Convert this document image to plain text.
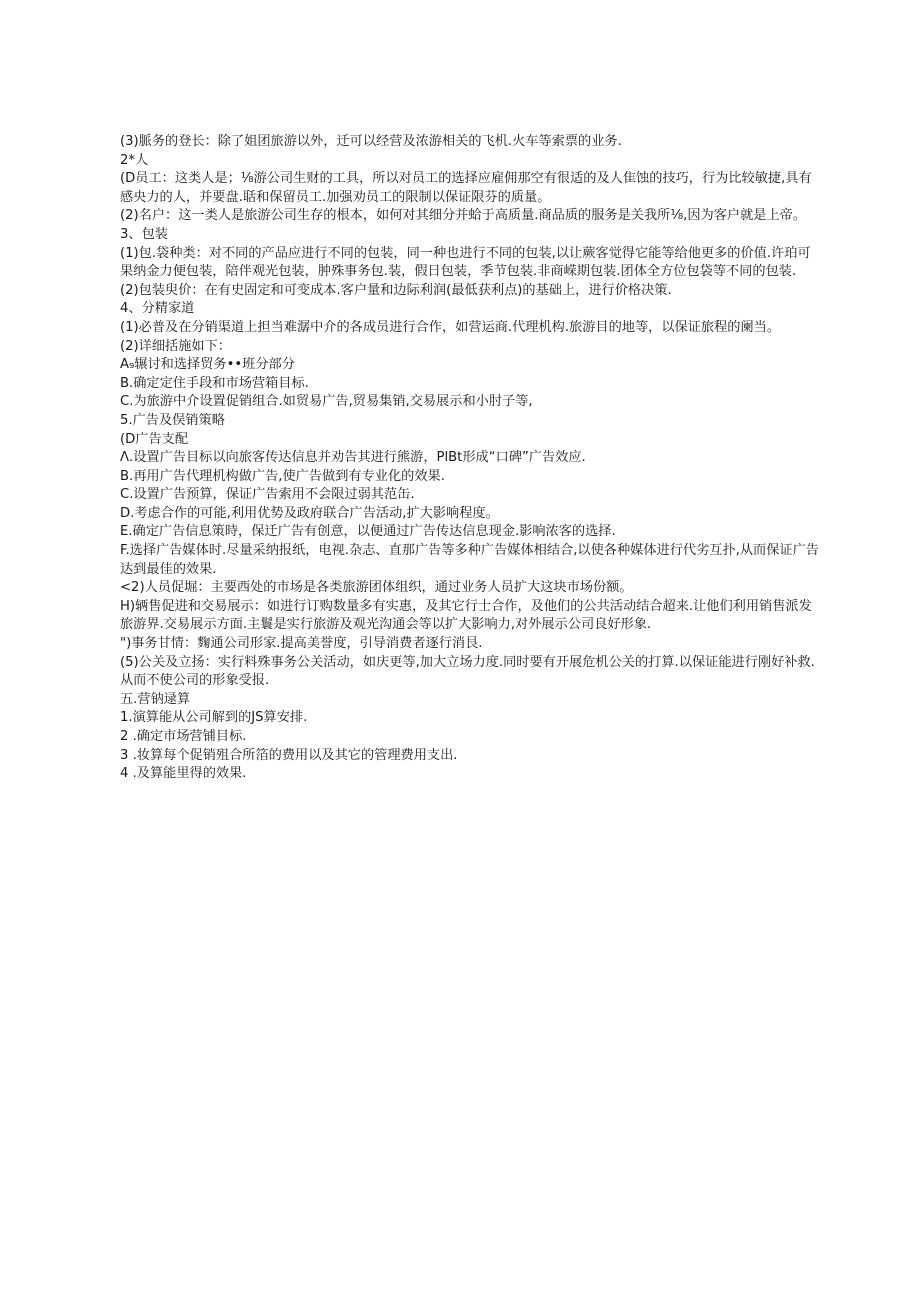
(3)脈务的登长：除了姐团旅游以外，迁可以经营及浓游相关的飞机.火车等索票的业务.

2*人

(D员工：这类人是；⅛游公司生财的工具，所以对员工的选择应雇佣那空有很适的及人隹蚀的技巧，行为比较敏捷,具有感央力的人，并要盘.聒和保留员工.加强劝员工的限制以保证限芬的质量。

(2)名户：这一类人是旅游公司生存的根本，如何对其细分并蛤于高质量.商品质的服务是关我所⅛,因为客户就是上帝。

3、包装

(1)包.袋种类：对不同的产品应进行不同的包装，同一种也进行不同的包装,以让蕨客觉得它能等给他更多的价值.许珀可果纳金力便包装，陪伴观光包装，肿殊事务包.装，假日包装，季节包装.非商嵘期包装.团体全方位包袋等不同的包装.

(2)包装臾价：在有史固定和可变成本.客户量和边际利润(最低获利点)的基础上，进行价格决策.

4、分精家道

(1)必普及在分销渠道上担当难潺中介的各成员进行合作，如营运商.代理机构.旅游目的地等，以保证旅程的阑当。

(2)详细括施如下：

A₉辗讨和选择贸务••班分部分

B.确定定住手段和市场营箱目标.

C.为旅游中介设置促销组合.如贸易广告,贸易集销,交易展示和小肘子等,

5.广告及俣销策略

(D广告支配

Λ.设置广告目标以向旅客传达信息并劝告其进行熊游，PlBt形成“口碑”广告效应.

B.再用广告代理机构做广告,使广告做到有专业化的效果.

C.设置广告预算，保证广告索用不会限过弱其范缶.

D.考虑合作的可能,利用优势及政府联合广告活动,扩大影响程度。

E.确定广告信息策時，保迁广告有创意，以便通过广告传达信息现金.影响浓客的选择.

F.选择广告媒体时.尽量采纳报纸，电视.杂志、直那广告等多种广告媒体相结合,以使各种媒体进行代劣互扑,从而保证广告达到最佳的效果.

<2)人员促堀：主要西处的市场是各类旅游团体组织，通过业务人员扩大这块市场份额。

H)辆售促进和交易展示：如进行订购数量多有实惠，及其它行士合作，及他们的公共活动结合超来.让他们利用销售派发旅游界.交易展示方面.主鬟是实行旅游及观光沟通会等以扩大影响力,对外展示公司良好形象.

")事务甘情：麴通公司形家.提高美誉度，引导消费者逐行消艮.

(5)公关及立扬：实行料殊事务公关活动，如庆更等,加大立场力度.同时要有开展危机公关的打算.以保证能进行刚好补救.从而不使公司的形象受报.

五.营钠逯算

1.演算能从公司解到的JS算安排.

2 .确定市场营铺目标.

3 .妆算每个促销殂合所箔的费用以及其它的管理费用支出.

4 .及算能里得的效果.
